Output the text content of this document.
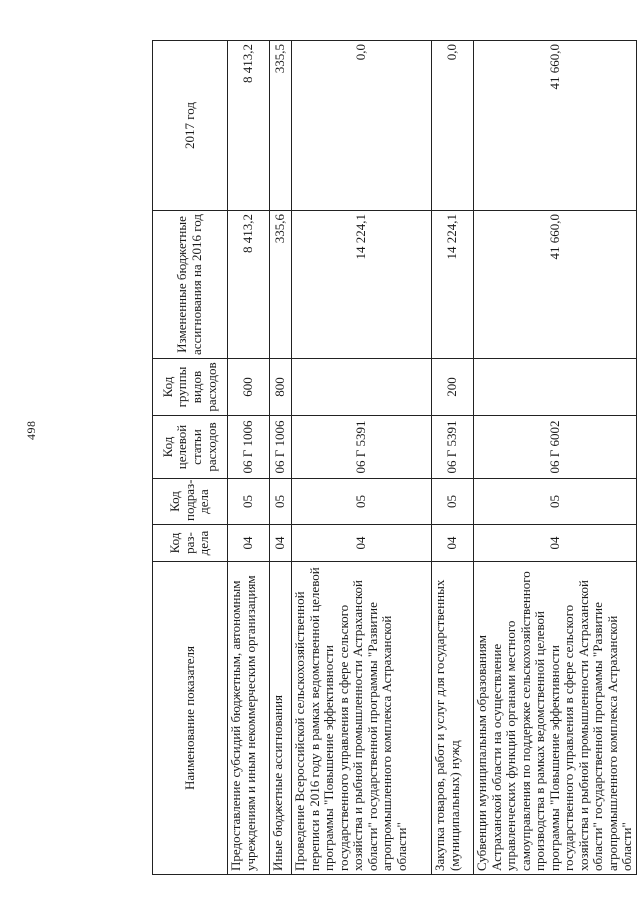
498
Наименование показателя	Код раз-дела	Код подраз-дела	Код целевой статьи расходов	Код группы видов расходов	Измененные бюджетные ассигнования на 2016 год	2017 год
Предоставление субсидий бюджетным, автономным учреждениям и иным некоммерческим организациям	04	05	06 Г 1006	600	8 413,2	8 413,2
Иные бюджетные ассигнования	04	05	06 Г 1006	800	335,6	335,5
Проведение Всероссийской сельскохозяйственной переписи в 2016 году в рамках ведомственной целевой программы "Повышение эффективности государственного управления в сфере сельского хозяйства и рыбной промышленности Астраханской области" государственной программы "Развитие агропромышленного комплекса Астраханской области"	04	05	06 Г 5391		14 224,1	0,0
Закупка товаров, работ и услуг для государственных (муниципальных) нужд	04	05	06 Г 5391	200	14 224,1	0,0
Субвенции муниципальным образованиям Астраханской области на осуществление управленческих функций органами местного самоуправления по поддержке сельскохозяйственного производства в рамках ведомственной целевой программы "Повышение эффективности государственного управления в сфере сельского хозяйства и рыбной промышленности Астраханской области" государственной программы "Развитие агропромышленного комплекса Астраханской области"	04	05	06 Г 6002		41 660,0	41 660,0
